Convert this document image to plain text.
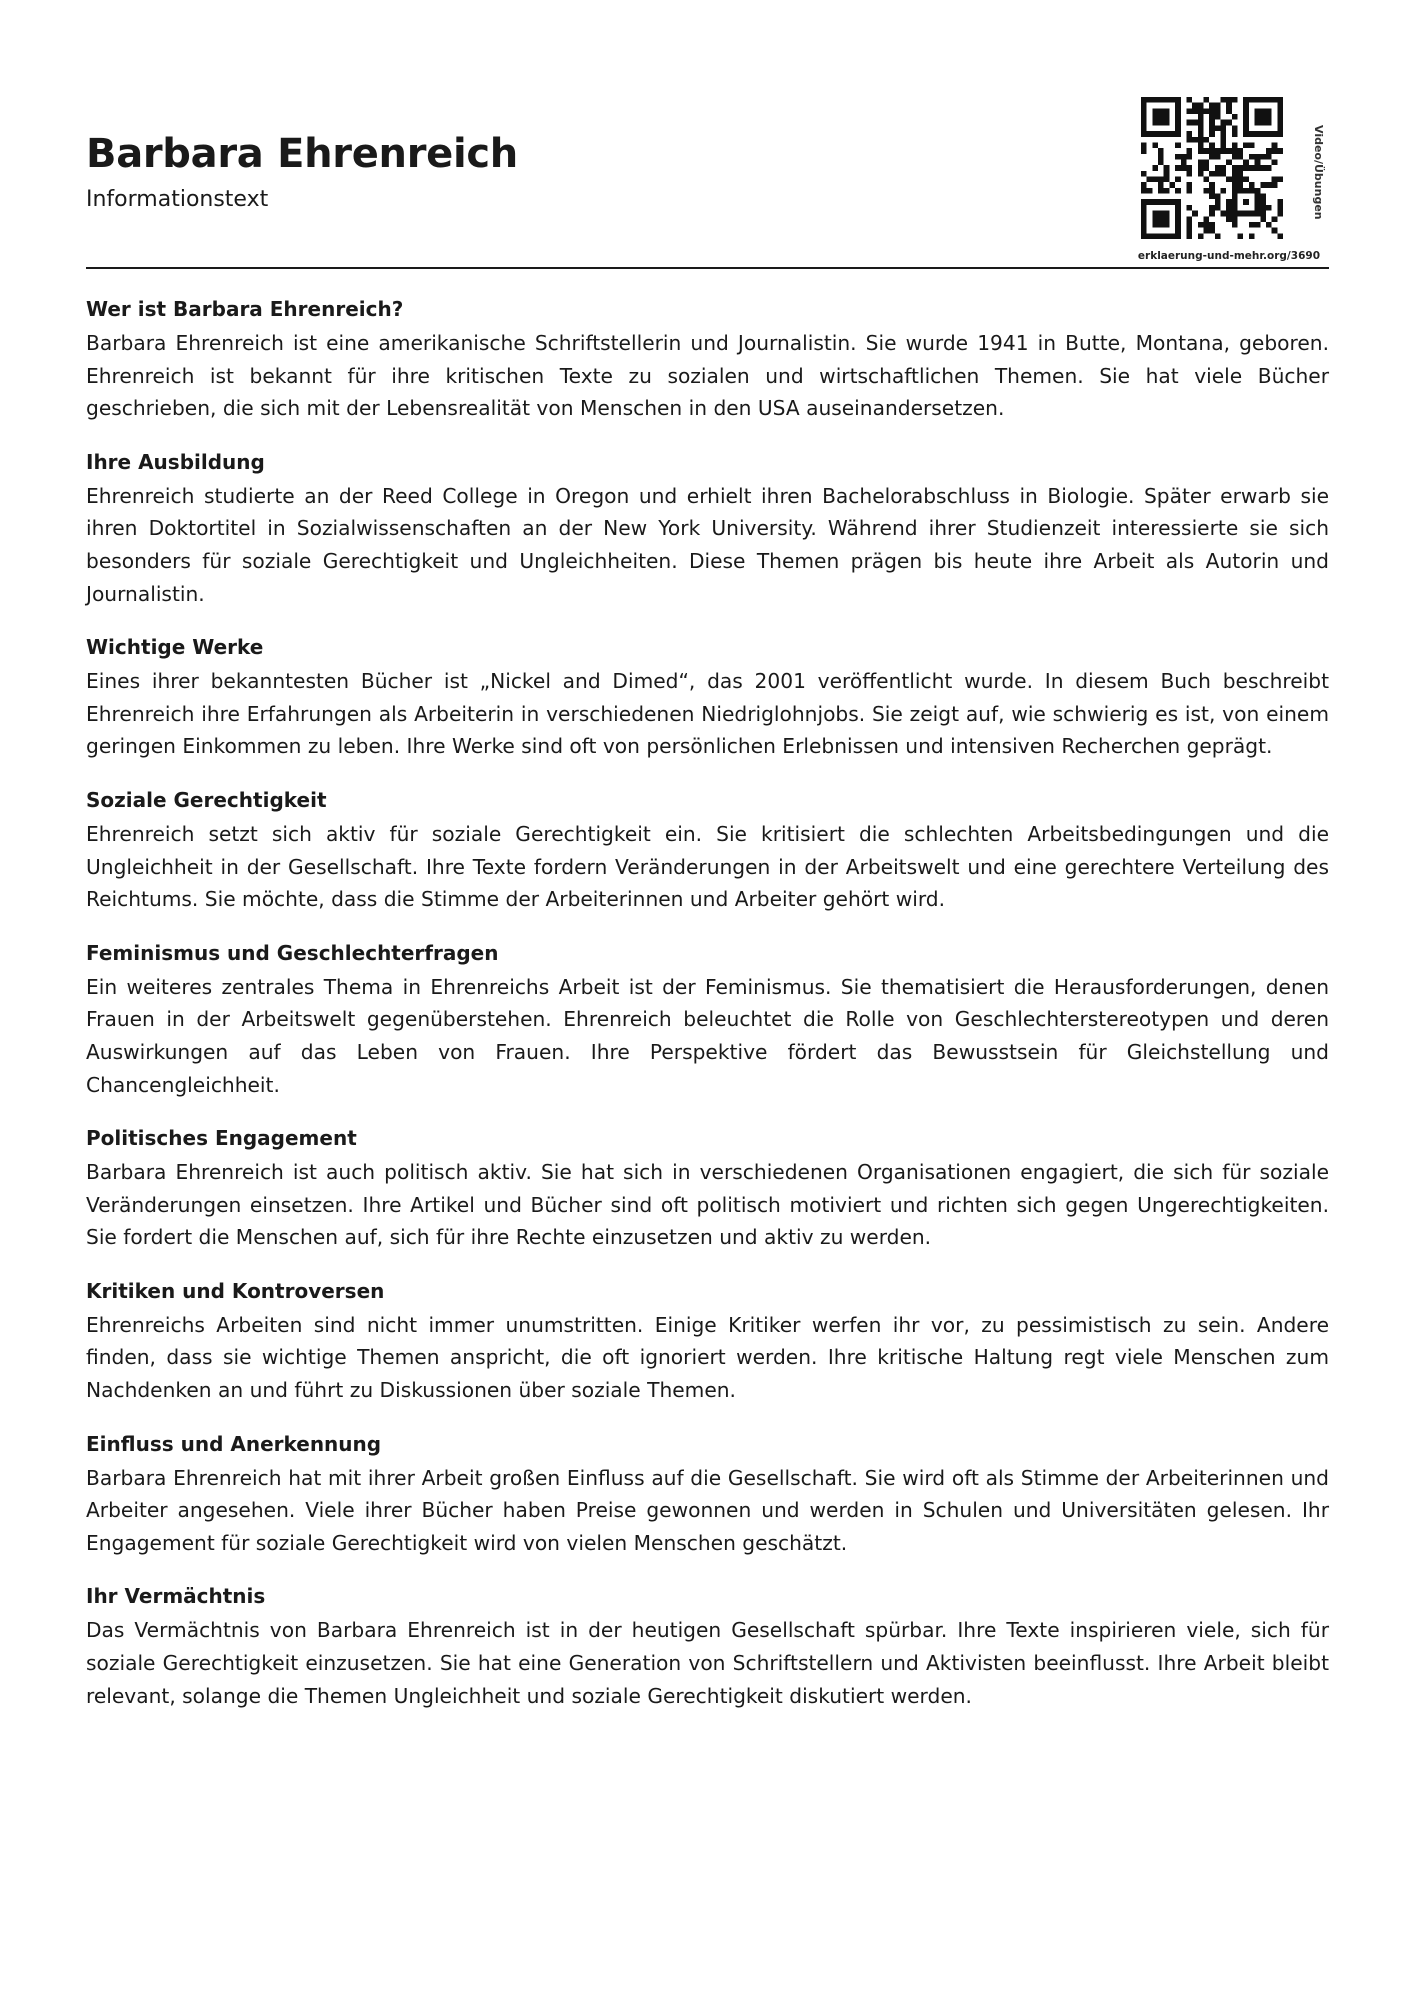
Barbara Ehrenreich
Informationstext	Video/Übungen
erklaerung-und-mehr.org/3690
Wer ist Barbara Ehrenreich?

Barbara Ehrenreich ist eine amerikanische Schriftstellerin und Journalistin. Sie wurde 1941 in Butte, Montana, geboren. Ehrenreich ist bekannt für ihre kritischen Texte zu sozialen und wirtschaftlichen Themen. Sie hat viele Bücher geschrieben, die sich mit der Lebensrealität von Menschen in den USA auseinandersetzen.

Ihre Ausbildung

Ehrenreich studierte an der Reed College in Oregon und erhielt ihren Bachelorabschluss in Biologie. Später erwarb sie ihren Doktortitel in Sozialwissenschaften an der New York University. Während ihrer Studienzeit interessierte sie sich besonders für soziale Gerechtigkeit und Ungleichheiten. Diese Themen prägen bis heute ihre Arbeit als Autorin und Journalistin.

Wichtige Werke

Eines ihrer bekanntesten Bücher ist „Nickel and Dimed“, das 2001 veröffentlicht wurde. In diesem Buch beschreibt Ehrenreich ihre Erfahrungen als Arbeiterin in verschiedenen Niedriglohnjobs. Sie zeigt auf, wie schwierig es ist, von einem geringen Einkommen zu leben. Ihre Werke sind oft von persönlichen Erlebnissen und intensiven Recherchen geprägt.

Soziale Gerechtigkeit

Ehrenreich setzt sich aktiv für soziale Gerechtigkeit ein. Sie kritisiert die schlechten Arbeitsbedingungen und die Ungleichheit in der Gesellschaft. Ihre Texte fordern Veränderungen in der Arbeitswelt und eine gerechtere Verteilung des Reichtums. Sie möchte, dass die Stimme der Arbeiterinnen und Arbeiter gehört wird.

Feminismus und Geschlechterfragen

Ein weiteres zentrales Thema in Ehrenreichs Arbeit ist der Feminismus. Sie thematisiert die Herausforderungen, denen Frauen in der Arbeitswelt gegenüberstehen. Ehrenreich beleuchtet die Rolle von Geschlechterstereotypen und deren Auswirkungen auf das Leben von Frauen. Ihre Perspektive fördert das Bewusstsein für Gleichstellung und Chancengleichheit.

Politisches Engagement

Barbara Ehrenreich ist auch politisch aktiv. Sie hat sich in verschiedenen Organisationen engagiert, die sich für soziale Veränderungen einsetzen. Ihre Artikel und Bücher sind oft politisch motiviert und richten sich gegen Ungerechtigkeiten. Sie fordert die Menschen auf, sich für ihre Rechte einzusetzen und aktiv zu werden.

Kritiken und Kontroversen

Ehrenreichs Arbeiten sind nicht immer unumstritten. Einige Kritiker werfen ihr vor, zu pessimistisch zu sein. Andere finden, dass sie wichtige Themen anspricht, die oft ignoriert werden. Ihre kritische Haltung regt viele Menschen zum Nachdenken an und führt zu Diskussionen über soziale Themen.

Einfluss und Anerkennung

Barbara Ehrenreich hat mit ihrer Arbeit großen Einfluss auf die Gesellschaft. Sie wird oft als Stimme der Arbeiterinnen und Arbeiter angesehen. Viele ihrer Bücher haben Preise gewonnen und werden in Schulen und Universitäten gelesen. Ihr Engagement für soziale Gerechtigkeit wird von vielen Menschen geschätzt.

Ihr Vermächtnis

Das Vermächtnis von Barbara Ehrenreich ist in der heutigen Gesellschaft spürbar. Ihre Texte inspirieren viele, sich für soziale Gerechtigkeit einzusetzen. Sie hat eine Generation von Schriftstellern und Aktivisten beeinflusst. Ihre Arbeit bleibt relevant, solange die Themen Ungleichheit und soziale Gerechtigkeit diskutiert werden.
